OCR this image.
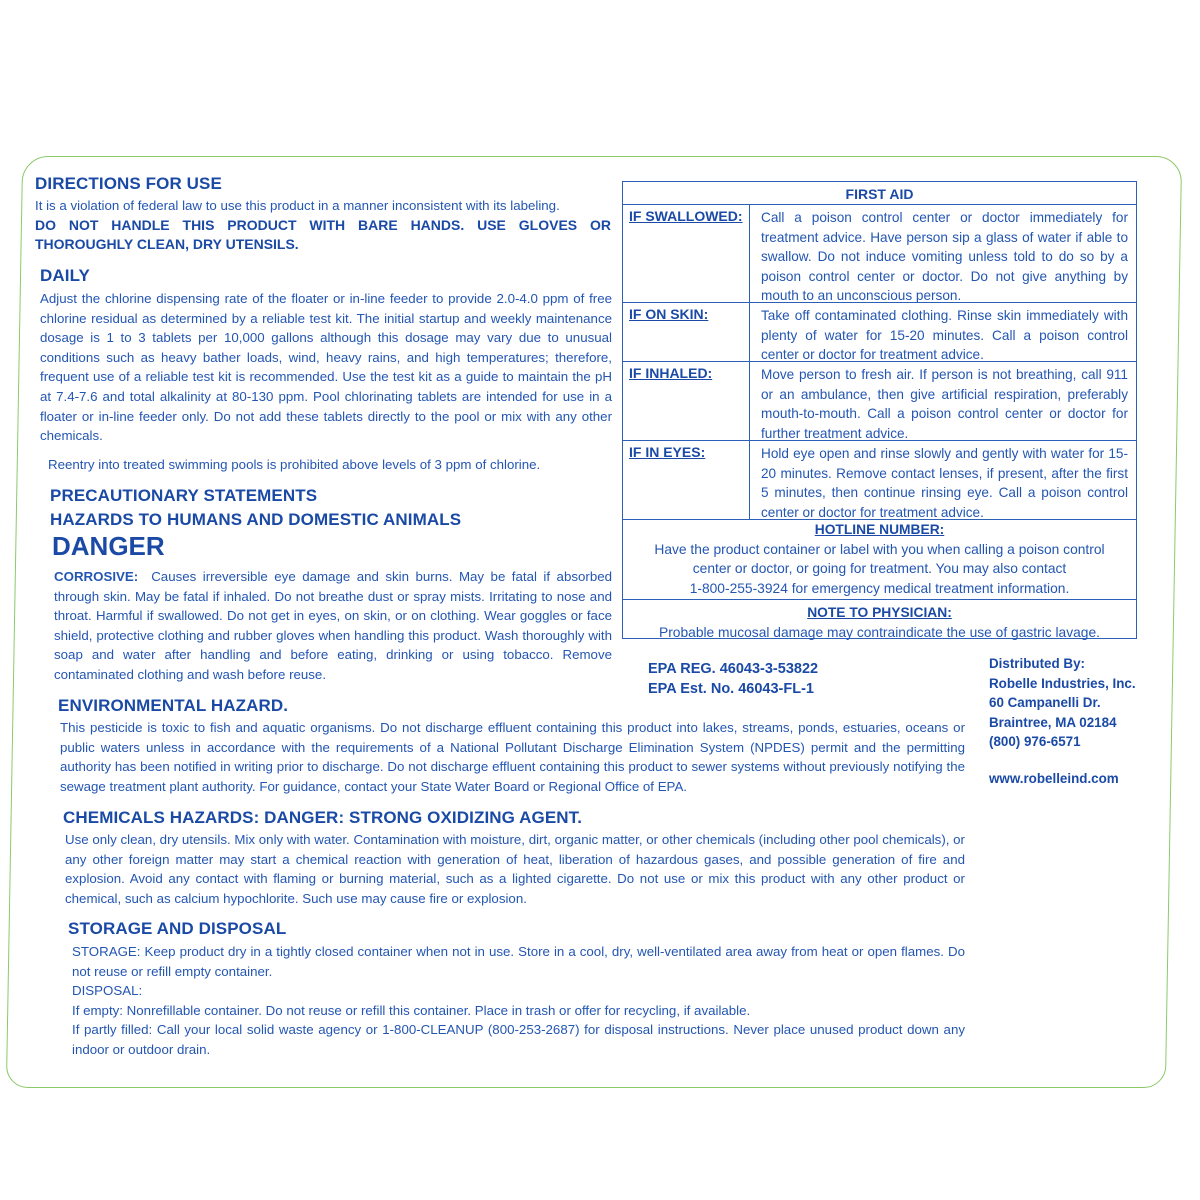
DIRECTIONS FOR USE

It is a violation of federal law to use this product in a manner inconsistent with its labeling.

DO NOT HANDLE THIS PRODUCT WITH BARE HANDS. USE GLOVES OR THOROUGHLY CLEAN, DRY UTENSILS.

DAILY
Adjust the chlorine dispensing rate of the floater or in-line feeder to provide 2.0-4.0 ppm of free chlorine residual as determined by a reliable test kit. The initial startup and weekly maintenance dosage is 1 to 3 tablets per 10,000 gallons although this dosage may vary due to unusual conditions such as heavy bather loads, wind, heavy rains, and high temperatures; therefore, frequent use of a reliable test kit is recommended. Use the test kit as a guide to maintain the pH at 7.4-7.6 and total alkalinity at 80-130 ppm. Pool chlorinating tablets are intended for use in a floater or in-line feeder only. Do not add these tablets directly to the pool or mix with any other chemicals.
Reentry into treated swimming pools is prohibited above levels of 3 ppm of chlorine.
PRECAUTIONARY STATEMENTS
HAZARDS TO HUMANS AND DOMESTIC ANIMALS
DANGER
CORROSIVE: Causes irreversible eye damage and skin burns. May be fatal if absorbed through skin. May be fatal if inhaled. Do not breathe dust or spray mists. Irritating to nose and throat. Harmful if swallowed. Do not get in eyes, on skin, or on clothing. Wear goggles or face shield, protective clothing and rubber gloves when handling this product. Wash thoroughly with soap and water after handling and before eating, drinking or using tobacco. Remove contaminated clothing and wash before reuse.
ENVIRONMENTAL HAZARD.
This pesticide is toxic to fish and aquatic organisms. Do not discharge effluent containing this product into lakes, streams, ponds, estuaries, oceans or public waters unless in accordance with the requirements of a National Pollutant Discharge Elimination System (NPDES) permit and the permitting authority has been notified in writing prior to discharge. Do not discharge effluent containing this product to sewer systems without previously notifying the sewage treatment plant authority. For guidance, contact your State Water Board or Regional Office of EPA.
CHEMICALS HAZARDS: DANGER: STRONG OXIDIZING AGENT.
Use only clean, dry utensils. Mix only with water. Contamination with moisture, dirt, organic matter, or other chemicals (including other pool chemicals), or any other foreign matter may start a chemical reaction with generation of heat, liberation of hazardous gases, and possible generation of fire and explosion. Avoid any contact with flaming or burning material, such as a lighted cigarette. Do not use or mix this product with any other product or chemical, such as calcium hypochlorite. Such use may cause fire or explosion.
STORAGE AND DISPOSAL

STORAGE: Keep product dry in a tightly closed container when not in use. Store in a cool, dry, well-ventilated area away from heat or open flames. Do not reuse or refill empty container.

DISPOSAL:

If empty: Nonrefillable container. Do not reuse or refill this container. Place in trash or offer for recycling, if available.

If partly filled: Call your local solid waste agency or 1-800-CLEANUP (800-253-2687) for disposal instructions. Never place unused product down any indoor or outdoor drain.

FIRST AID
IF SWALLOWED: Call a poison control center or doctor immediately for treatment advice. Have person sip a glass of water if able to swallow. Do not induce vomiting unless told to do so by a poison control center or doctor. Do not give anything by mouth to an unconscious person.
IF ON SKIN:	Take off contaminated clothing. Rinse skin immediately with plenty of water for 15-20 minutes. Call a poison control center or doctor for treatment advice.
IF INHALED:	Move person to fresh air. If person is not breathing, call 911 or an ambulance, then give artificial respiration, preferably mouth-to-mouth. Call a poison control center or doctor for further treatment advice.
IF IN EYES:	Hold eye open and rinse slowly and gently with water for 15-20 minutes. Remove contact lenses, if present, after the first 5 minutes, then continue rinsing eye. Call a poison control center or doctor for treatment advice.
HOTLINE NUMBER:
Have the product container or label with you when calling a poison control
center or doctor, or going for treatment. You may also contact
1-800-255-3924 for emergency medical treatment information.
NOTE TO PHYSICIAN:
Probable mucosal damage may contraindicate the use of gastric lavage.
EPA REG. 46043-3-53822
EPA Est. No. 46043-FL-1
Distributed By:
Robelle Industries, Inc.
60 Campanelli Dr.
Braintree, MA 02184
(800) 976-6571
www.robelleind.com
